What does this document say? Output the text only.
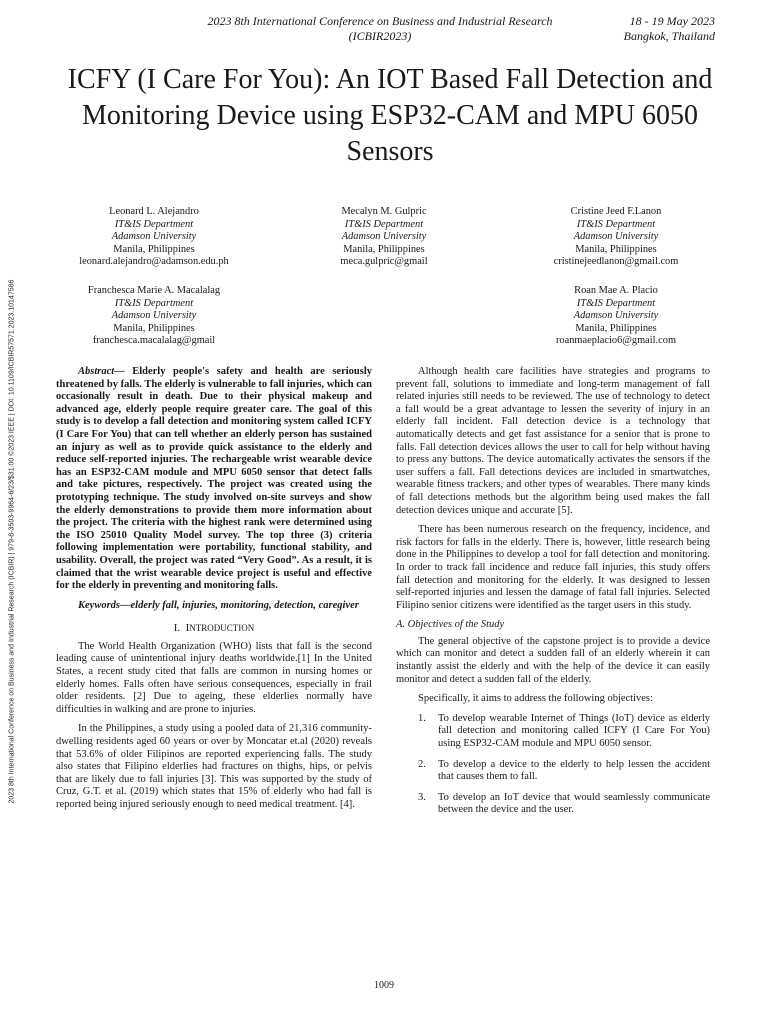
2023 8th International Conference on Business and Industrial Research	18 - 19 May 2023
(ICBIR2023)	Bangkok, Thailand
2023 8th International Conference on Business and Industrial Research (ICBIR) | 979-8-3503-9964-6/23/$31.00 ©2023 IEEE | DOI: 10.1109/ICBIR57571.2023.10147586
ICFY (I Care For You): An IOT Based Fall Detection and Monitoring Device using ESP32-CAM and MPU 6050 Sensors
Leonard L. Alejandro
IT&IS Department
Adamson University
Manila, Philippines
leonard.alejandro@adamson.edu.ph
Mecalyn M. Gulpric
IT&IS Department
Adamson University
Manila, Philippines
meca.gulpric@gmail
Cristine Jeed F.Lanon
IT&IS Department
Adamson University
Manila, Philippines
cristinejeedlanon@gmail.com
Franchesca Marie A. Macalalag
IT&IS Department
Adamson University
Manila, Philippines
franchesca.macalalag@gmail
Roan Mae A. Placio
IT&IS Department
Adamson University
Manila, Philippines
roanmaeplacio6@gmail.com

Abstract— Elderly people's safety and health are seriously threatened by falls. The elderly is vulnerable to fall injuries, which can occasionally result in death. Due to their physical makeup and advanced age, elderly people require greater care. The goal of this study is to develop a fall detection and monitoring system called ICFY (I Care For You) that can tell whether an elderly person has sustained an injury as well as to provide quick assistance to the elderly and reduce self-reported injuries. The rechargeable wrist wearable device has an ESP32-CAM module and MPU 6050 sensor that detect falls and take pictures, respectively. The project was created using the prototyping technique. The study involved on-site surveys and show the elderly demonstrations to provide them more information about the project. The criteria with the highest rank were determined using the ISO 25010 Quality Model survey. The top three (3) criteria following implementation were portability, functional stability, and usability. Overall, the project was rated “Very Good”. As a result, it is claimed that the wrist wearable device project is useful and effective for the elderly in preventing and monitoring falls.

Keywords—elderly fall, injuries, monitoring, detection, caregiver

I. INTRODUCTION

The World Health Organization (WHO) lists that fall is the second leading cause of unintentional injury deaths worldwide.[1] In the United States, a recent study cited that falls are common in nursing homes or elderly homes. Falls often have serious consequences, especially in frail older residents. [2] Due to ageing, these elderlies normally have difficulties in walking and are prone to injuries.

In the Philippines, a study using a pooled data of 21,316 community-dwelling residents aged 60 years or over by Moncatar et.al (2020) reveals that 53.6% of older Filipinos are reported experiencing falls. The study also states that Filipino elderlies had fractures on thighs, hips, or pelvis that are likely due to fall injuries [3]. This was supported by the study of Cruz, G.T. et al. (2019) which states that 15% of elderly who had fall is reported being injured seriously enough to need medical treatment. [4].

Although health care facilities have strategies and programs to prevent fall, solutions to immediate and long-term management of fall related injuries still needs to be reviewed. The use of technology to detect a fall would be a great advantage to lessen the severity of injury in an elderly fall incident. Fall detection device is a technology that automatically detects and get fast assistance for a senior that is prone to falls. Fall detection devices allows the user to call for help without having to press any buttons. The device automatically activates the sensors if the user suffers a fall. Fall detections devices are included in smartwatches, wearable fitness trackers, and other types of wearables. There many kinds of fall detections methods but the algorithm being used makes the fall detection devices unique and accurate [5].

There has been numerous research on the frequency, incidence, and risk factors for falls in the elderly. There is, however, little research being done in the Philippines to develop a tool for fall detection and monitoring. In order to track fall incidence and reduce fall injuries, this study offers fall detection and monitoring for the elderly. It was designed to lessen self-reported injuries and lessen the damage of fatal fall injuries. Selected Filipino senior citizens were identified as the target users in this study.

A. Objectives of the Study

The general objective of the capstone project is to provide a device which can monitor and detect a sudden fall of an elderly wherein it can instantly assist the elderly and with the help of the device it can easily monitor and detect a sudden fall of the elderly.

Specifically, it aims to address the following objectives:

1.	To develop wearable Internet of Things (IoT) device as elderly fall detection and monitoring called ICFY (I Care For You) using ESP32-CAM module and MPU 6050 sensor.
2.	To develop a device to the elderly to help lessen the accident that causes them to fall.
3.	To develop an IoT device that would seamlessly communicate between the device and the user.
1009
